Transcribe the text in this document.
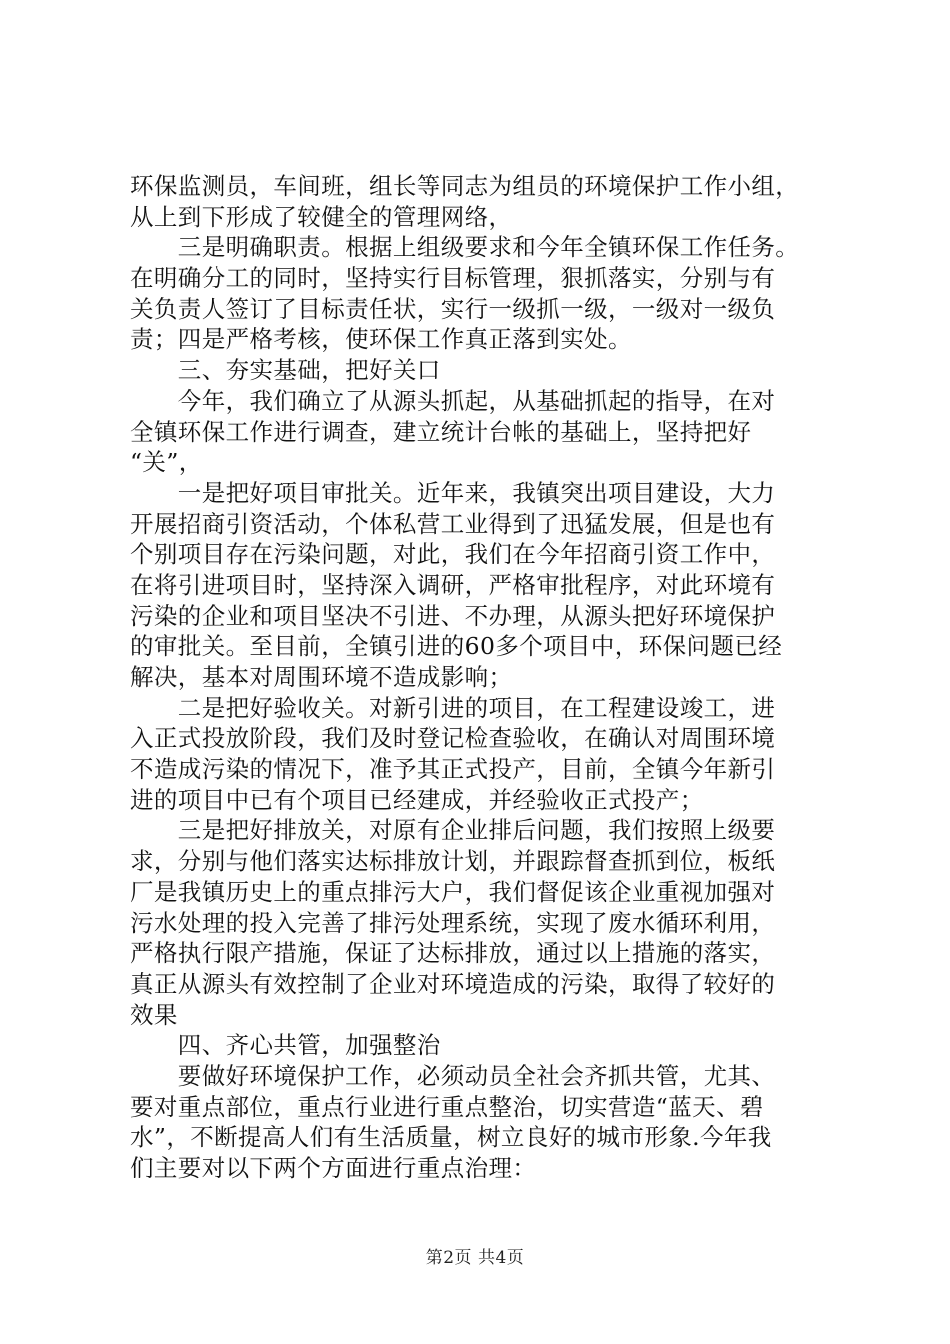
环保监测员，车间班，组长等同志为组员的环境保护工作小组，
从上到下形成了较健全的管理网络，
　　三是明确职责。根据上组级要求和今年全镇环保工作任务。
在明确分工的同时，坚持实行目标管理，狠抓落实，分别与有
关负责人签订了目标责任状，实行一级抓一级，一级对一级负
责；四是严格考核，使环保工作真正落到实处。
　　三、夯实基础，把好关口
　　今年，我们确立了从源头抓起，从基础抓起的指导，在对
全镇环保工作进行调查，建立统计台帐的基础上，坚持把好
“关”，
　　一是把好项目审批关。近年来，我镇突出项目建设，大力
开展招商引资活动，个体私营工业得到了迅猛发展，但是也有
个别项目存在污染问题，对此，我们在今年招商引资工作中，
在将引进项目时，坚持深入调研，严格审批程序，对此环境有
污染的企业和项目坚决不引进、不办理，从源头把好环境保护
的审批关。至目前，全镇引进的60多个项目中，环保问题已经
解决，基本对周围环境不造成影响；
　　二是把好验收关。对新引进的项目，在工程建设竣工，进
入正式投放阶段，我们及时登记检查验收，在确认对周围环境
不造成污染的情况下，准予其正式投产，目前，全镇今年新引
进的项目中已有个项目已经建成，并经验收正式投产；
　　三是把好排放关，对原有企业排后问题，我们按照上级要
求，分别与他们落实达标排放计划，并跟踪督查抓到位，板纸
厂是我镇历史上的重点排污大户，我们督促该企业重视加强对
污水处理的投入完善了排污处理系统，实现了废水循环利用，
严格执行限产措施，保证了达标排放，通过以上措施的落实，
真正从源头有效控制了企业对环境造成的污染，取得了较好的
效果
　　四、齐心共管，加强整治
　　要做好环境保护工作，必须动员全社会齐抓共管，尤其、
要对重点部位，重点行业进行重点整治，切实营造“蓝天、碧
水”，不断提高人们有生活质量，树立良好的城市形象.今年我
们主要对以下两个方面进行重点治理：
第2页 共4页
